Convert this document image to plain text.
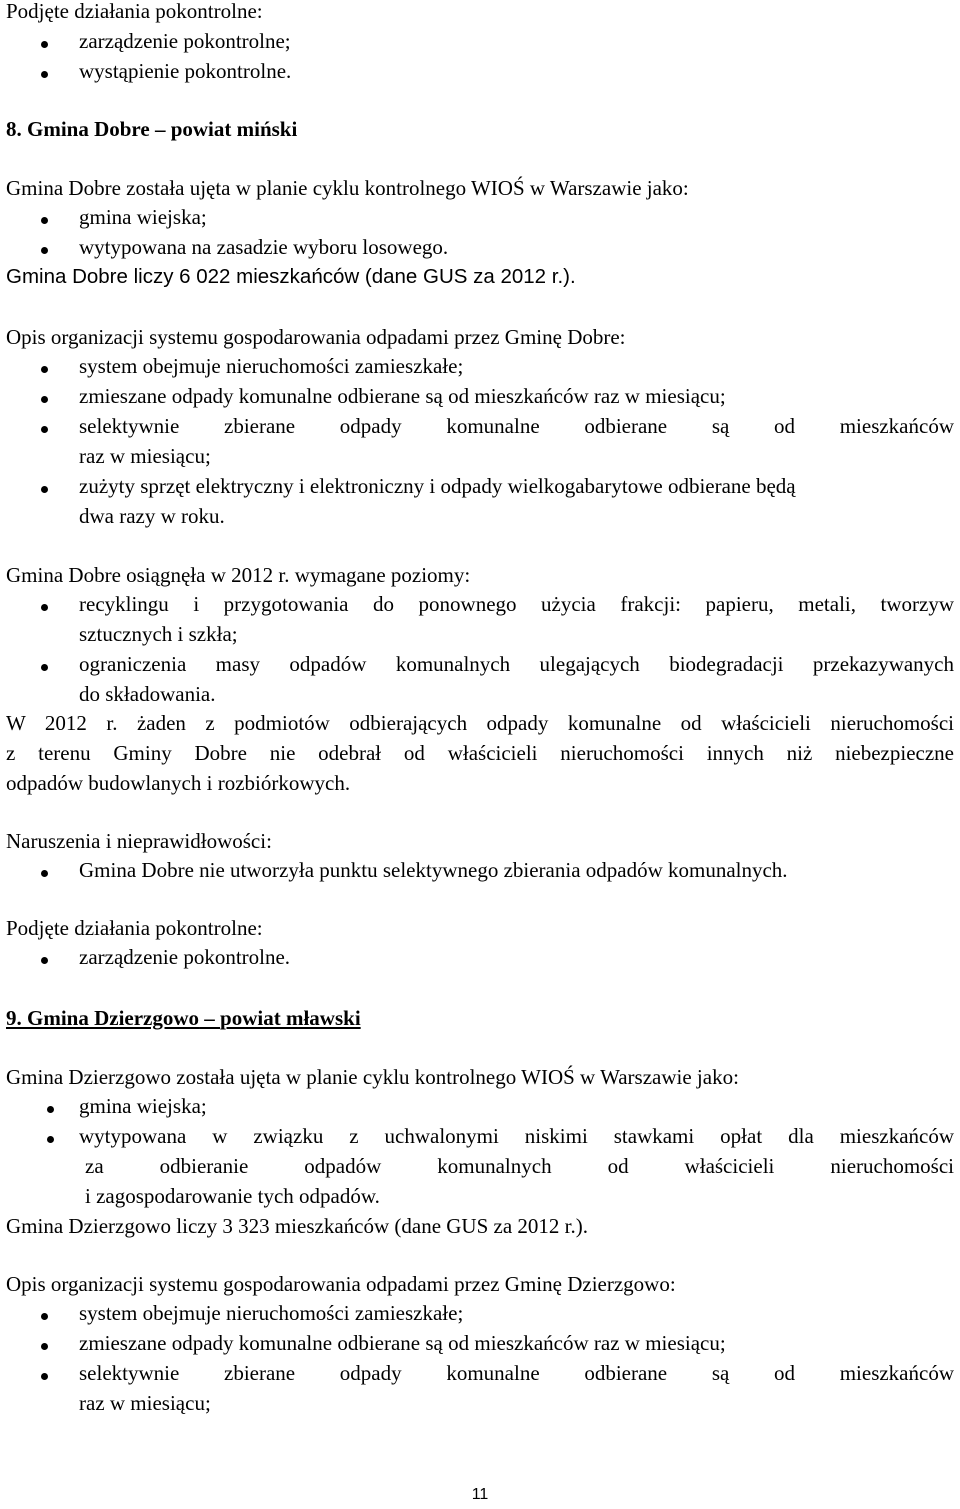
Podjęte działania pokontrolne:
zarządzenie pokontrolne;
wystąpienie pokontrolne.
8. Gmina Dobre – powiat miński
Gmina Dobre została ujęta w planie cyklu kontrolnego WIOŚ w Warszawie jako:
gmina wiejska;
wytypowana na zasadzie wyboru losowego.
Gmina Dobre liczy 6 022 mieszkańców (dane GUS za 2012 r.).
Opis organizacji systemu gospodarowania odpadami przez Gminę Dobre:
system obejmuje nieruchomości zamieszkałe;
zmieszane odpady komunalne odbierane są od mieszkańców raz w miesiącu;
selektywnie zbierane odpady komunalne odbierane są od mieszkańców
raz w miesiącu;
zużyty sprzęt elektryczny i elektroniczny i odpady wielkogabarytowe odbierane będą
dwa razy w roku.
Gmina Dobre osiągnęła w 2012 r. wymagane poziomy:
recyklingu i przygotowania do ponownego użycia frakcji: papieru, metali, tworzyw
sztucznych i szkła;
ograniczenia masy odpadów komunalnych ulegających biodegradacji przekazywanych
do składowania.
W 2012 r. żaden z podmiotów odbierających odpady komunalne od właścicieli nieruchomości
z terenu Gminy Dobre nie odebrał od właścicieli nieruchomości innych niż niebezpieczne
odpadów budowlanych i rozbiórkowych.
Naruszenia i nieprawidłowości:
Gmina Dobre nie utworzyła punktu selektywnego zbierania odpadów komunalnych.
Podjęte działania pokontrolne:
zarządzenie pokontrolne.
9. Gmina Dzierzgowo – powiat mławski
Gmina Dzierzgowo została ujęta w planie cyklu kontrolnego WIOŚ w Warszawie jako:
gmina wiejska;
wytypowana w związku z uchwalonymi niskimi stawkami opłat dla mieszkańców
za odbieranie odpadów komunalnych od właścicieli nieruchomości
i zagospodarowanie tych odpadów.
Gmina Dzierzgowo liczy 3 323 mieszkańców (dane GUS za 2012 r.).
Opis organizacji systemu gospodarowania odpadami przez Gminę Dzierzgowo:
system obejmuje nieruchomości zamieszkałe;
zmieszane odpady komunalne odbierane są od mieszkańców raz w miesiącu;
selektywnie zbierane odpady komunalne odbierane są od mieszkańców
raz w miesiącu;
11
